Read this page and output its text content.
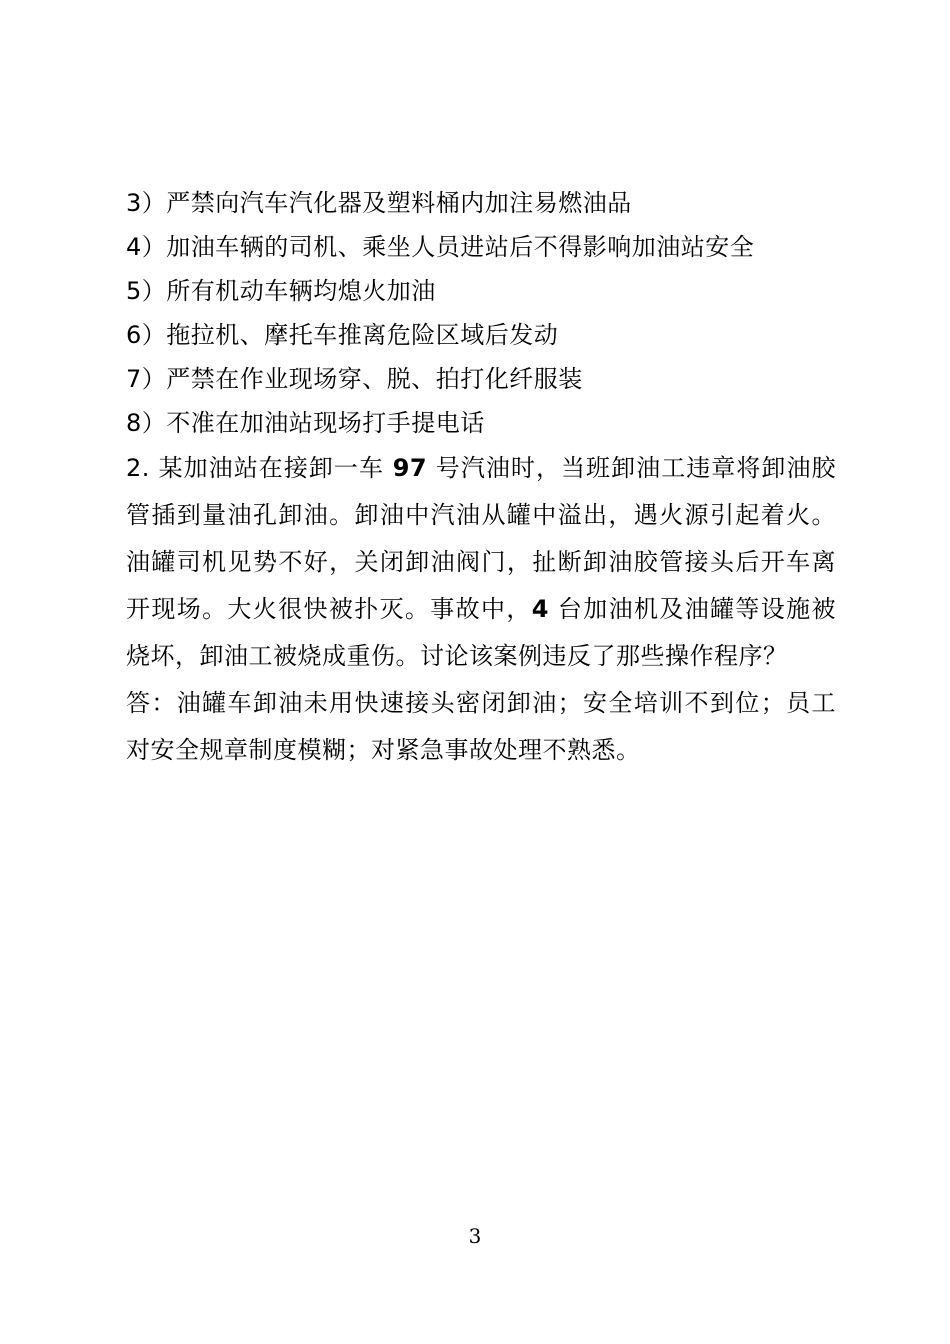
3）严禁向汽车汽化器及塑料桶内加注易燃油品

4）加油车辆的司机、乘坐人员进站后不得影响加油站安全

5）所有机动车辆均熄火加油

6）拖拉机、摩托车推离危险区域后发动

7）严禁在作业现场穿、脱、拍打化纤服装

8）不准在加油站现场打手提电话

2. 某加油站在接卸一车 97 号汽油时，当班卸油工违章将卸油胶管插到量油孔卸油。卸油中汽油从罐中溢出，遇火源引起着火。油罐司机见势不好，关闭卸油阀门，扯断卸油胶管接头后开车离开现场。大火很快被扑灭。事故中，4 台加油机及油罐等设施被烧坏，卸油工被烧成重伤。讨论该案例违反了那些操作程序？

答：油罐车卸油未用快速接头密闭卸油；安全培训不到位；员工对安全规章制度模糊；对紧急事故处理不熟悉。

3
